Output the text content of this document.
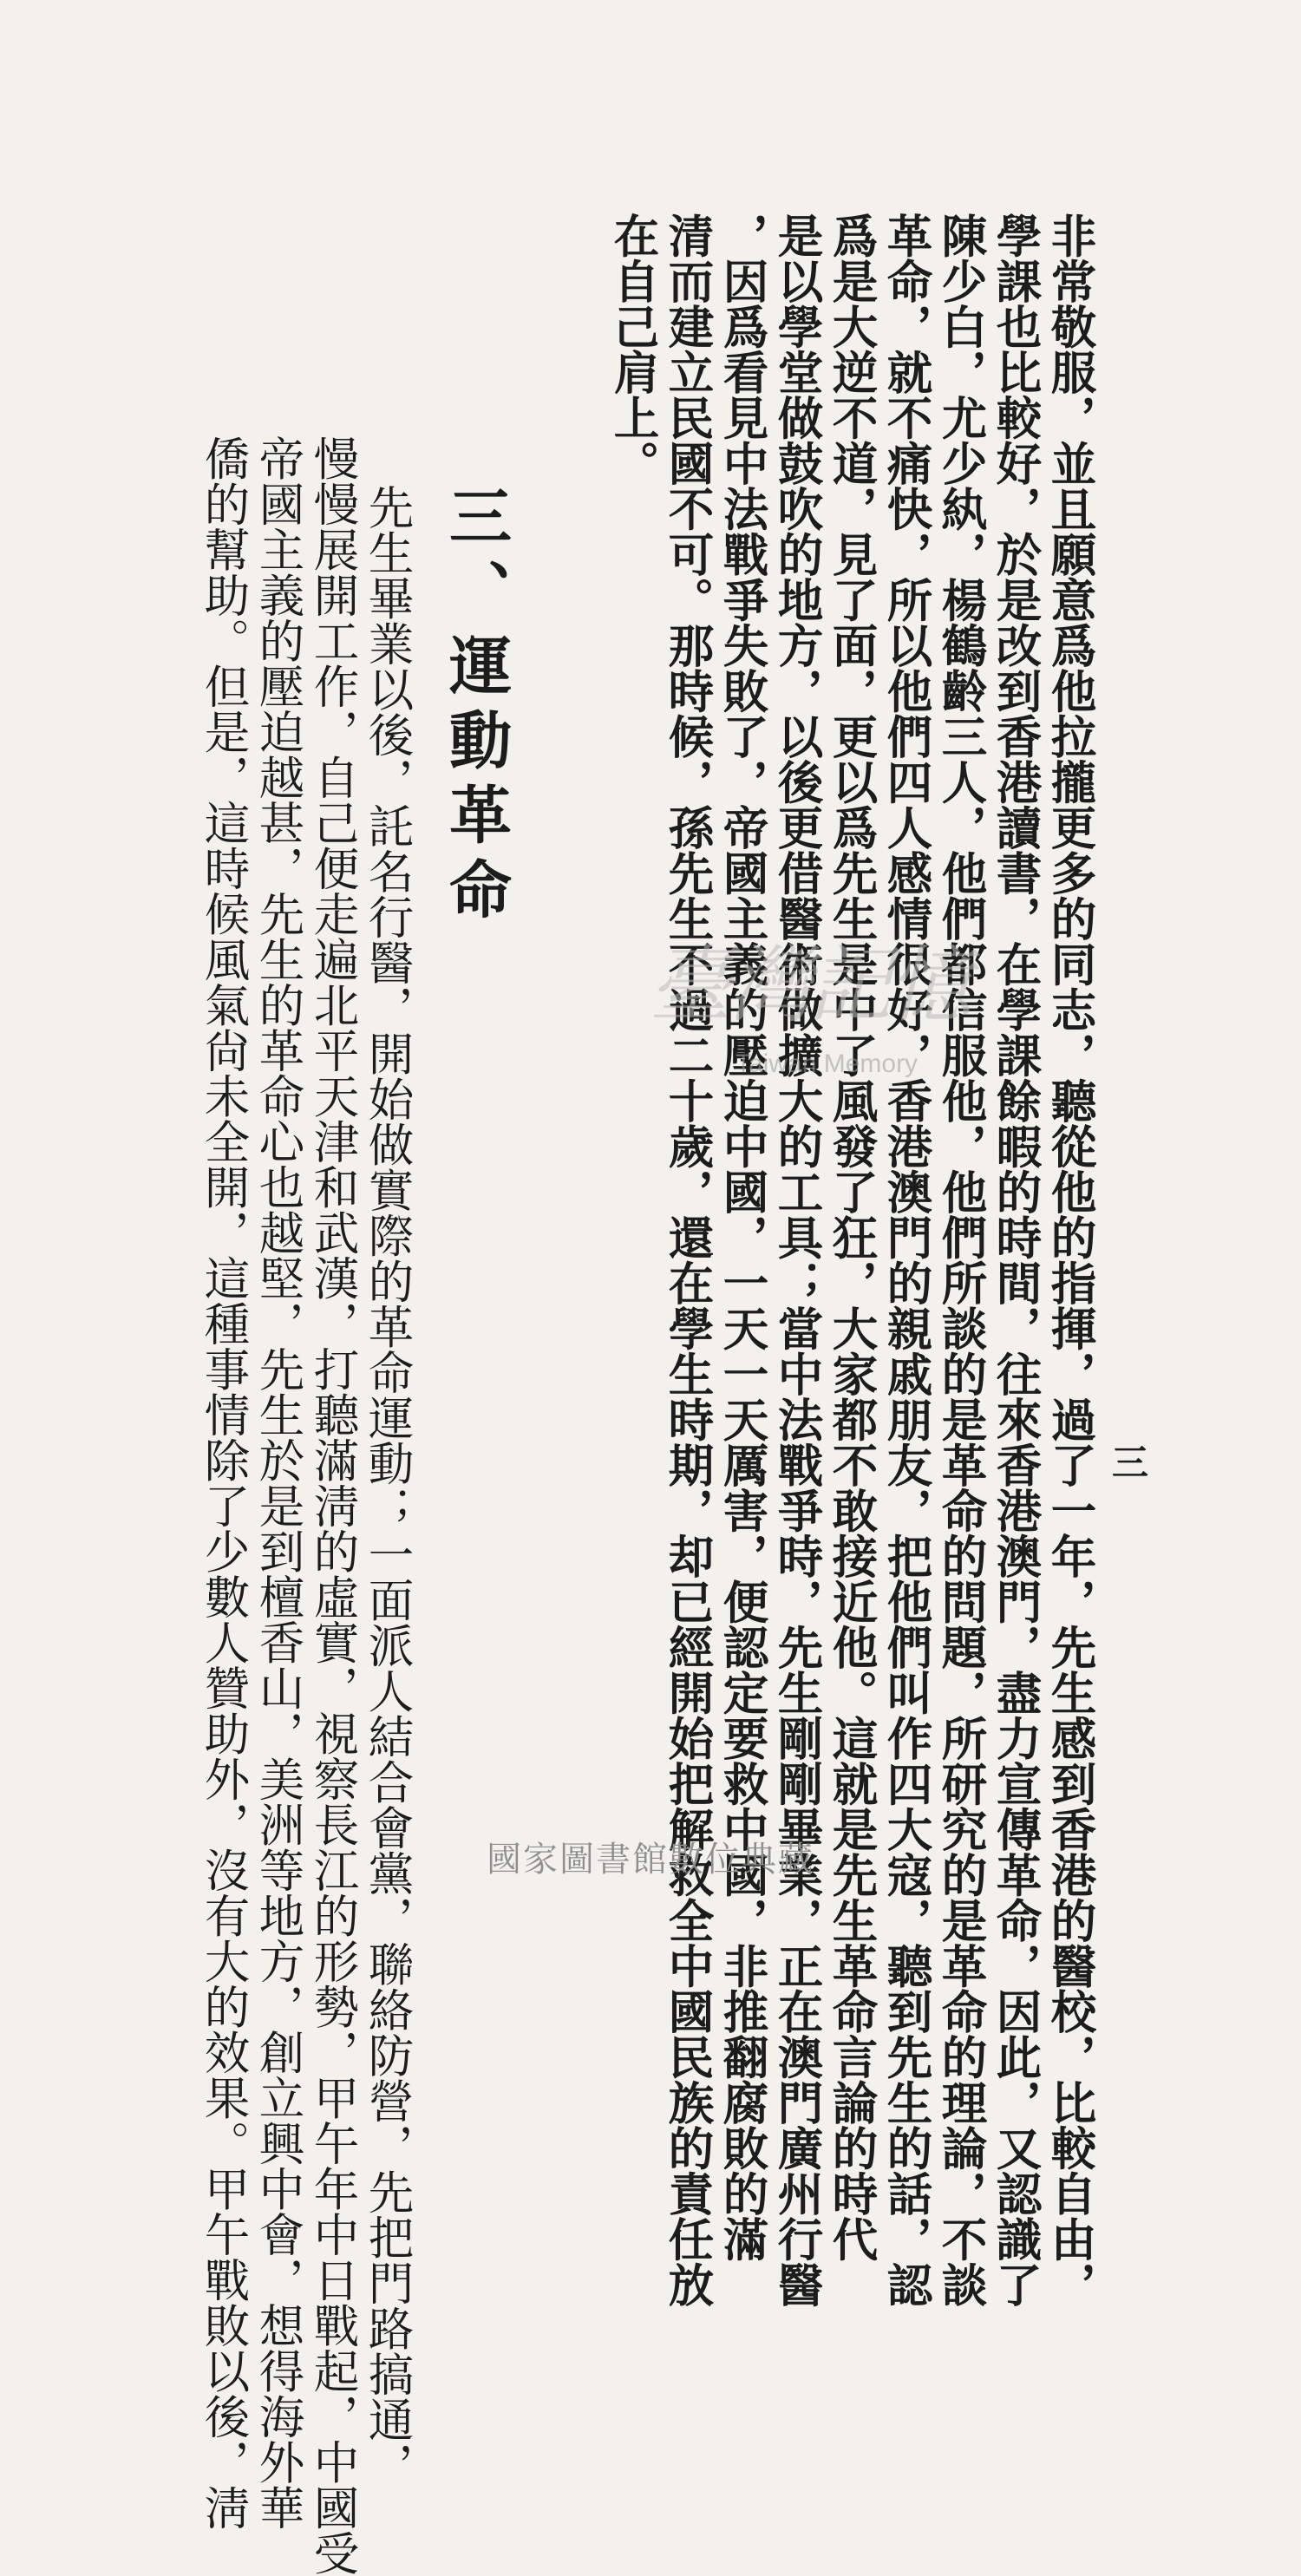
三
非常敬服，並且願意爲他拉攏更多的同志，聽從他的指揮，過了一年，先生感到香港的醫校，比較自由，
學課也比較好，於是改到香港讀書，在學課餘暇的時間，往來香港澳門，盡力宣傳革命，因此，又認識了
陳少白，尤少紈，楊鶴齡三人，他們都信服他，他們所談的是革命的問題，所研究的是革命的理論，不談
革命，就不痛快，所以他們四人感情很好，香港澳門的親戚朋友，把他們叫作四大寇，聽到先生的話，認
爲是大逆不道，見了面，更以爲先生是中了風發了狂，大家都不敢接近他。這就是先生革命言論的時代
是以學堂做鼓吹的地方，以後更借醫術做擴大的工具；當中法戰爭時，先生剛剛畢業，正在澳門廣州行醫
，因爲看見中法戰爭失敗了，帝國主義的壓迫中國，一天一天厲害，便認定要救中國，非推翻腐敗的滿
清而建立民國不可。那時候，孫先生不過二十歲，還在學生時期，却已經開始把解救全中國民族的責任放
在自己肩上。
三、運動革命
先生畢業以後，託名行醫，開始做實際的革命運動；一面派人結合會黨，聯絡防營，先把門路搞通，
慢慢展開工作，自己便走遍北平天津和武漢，打聽滿淸的虛實，視察長江的形勢，甲午年中日戰起，中國受
帝國主義的壓迫越甚，先生的革命心也越堅，先生於是到檀香山，美洲等地方，創立興中會，想得海外華
僑的幫助。但是，這時候風氣尙未全開，這種事情除了少數人贊助外，沒有大的效果。甲午戰敗以後，淸	臺灣記憶
Taiwan Memory
國家圖書館數位典藏
